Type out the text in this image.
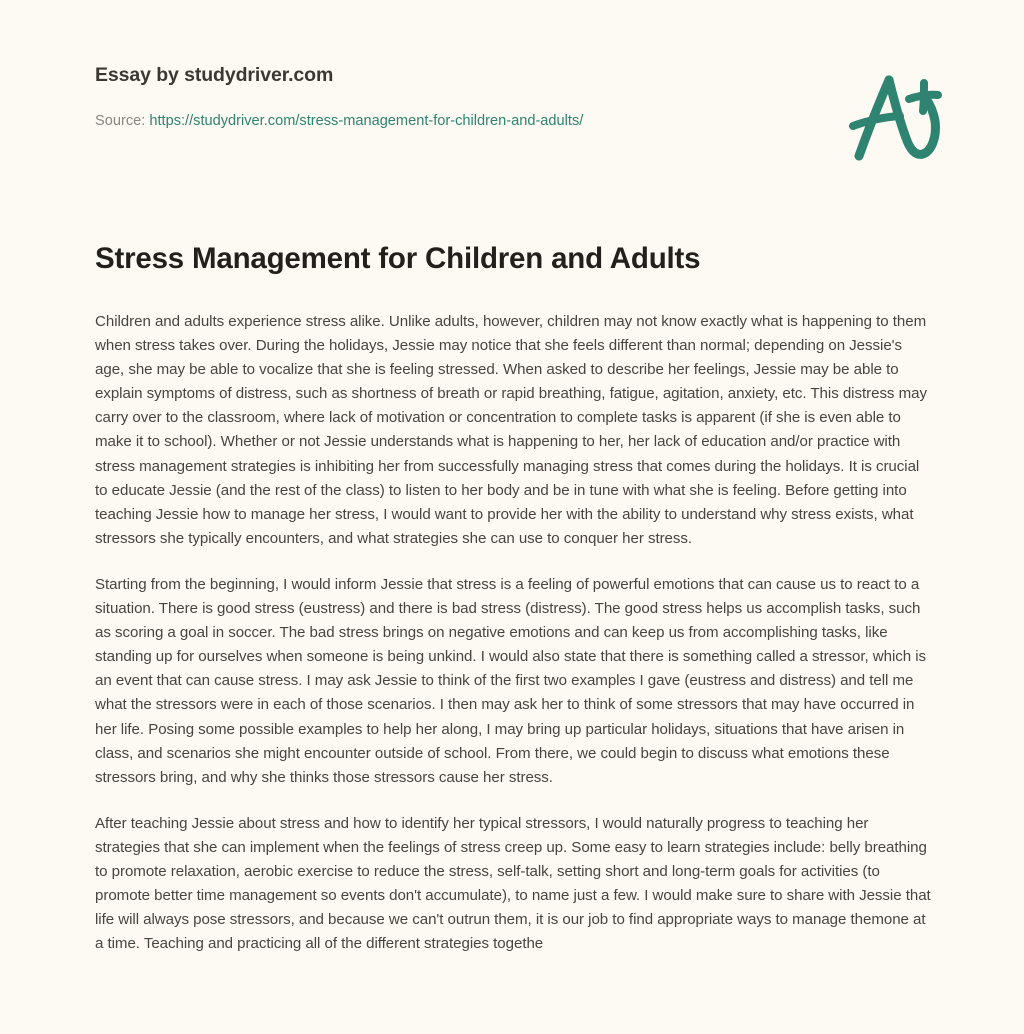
Essay by studydriver.com
Source: https://studydriver.com/stress-management-for-children-and-adults/
Stress Management for Children and Adults

Children and adults experience stress alike. Unlike adults, however, children may not know exactly what is happening to them when stress takes over. During the holidays, Jessie may notice that she feels different than normal; depending on Jessie's age, she may be able to vocalize that she is feeling stressed. When asked to describe her feelings, Jessie may be able to explain symptoms of distress, such as shortness of breath or rapid breathing, fatigue, agitation, anxiety, etc. This distress may carry over to the classroom, where lack of motivation or concentration to complete tasks is apparent (if she is even able to make it to school). Whether or not Jessie understands what is happening to her, her lack of education and/or practice with stress management strategies is inhibiting her from successfully managing stress that comes during the holidays. It is crucial to educate Jessie (and the rest of the class) to listen to her body and be in tune with what she is feeling. Before getting into teaching Jessie how to manage her stress, I would want to provide her with the ability to understand why stress exists, what stressors she typically encounters, and what strategies she can use to conquer her stress.

Starting from the beginning, I would inform Jessie that stress is a feeling of powerful emotions that can cause us to react to a situation. There is good stress (eustress) and there is bad stress (distress). The good stress helps us accomplish tasks, such as scoring a goal in soccer. The bad stress brings on negative emotions and can keep us from accomplishing tasks, like standing up for ourselves when someone is being unkind. I would also state that there is something called a stressor, which is an event that can cause stress. I may ask Jessie to think of the first two examples I gave (eustress and distress) and tell me what the stressors were in each of those scenarios. I then may ask her to think of some stressors that may have occurred in her life. Posing some possible examples to help her along, I may bring up particular holidays, situations that have arisen in class, and scenarios she might encounter outside of school. From there, we could begin to discuss what emotions these stressors bring, and why she thinks those stressors cause her stress.

After teaching Jessie about stress and how to identify her typical stressors, I would naturally progress to teaching her strategies that she can implement when the feelings of stress creep up. Some easy to learn strategies include: belly breathing to promote relaxation, aerobic exercise to reduce the stress, self-talk, setting short and long-term goals for activities (to promote better time management so events don't accumulate), to name just a few. I would make sure to share with Jessie that life will always pose stressors, and because we can't outrun them, it is our job to find appropriate ways to manage themone at a time. Teaching and practicing all of the different strategies togethe
